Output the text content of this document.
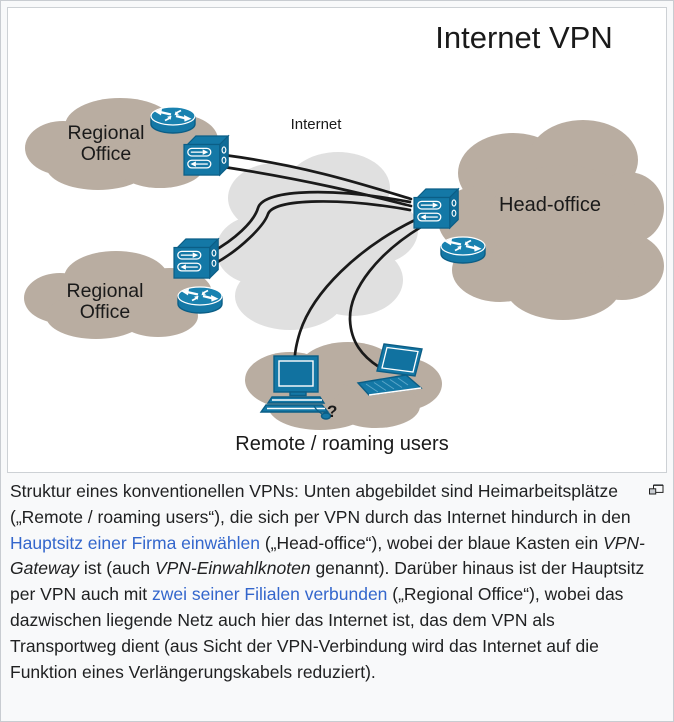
?
Internet VPN
Regional
Office
Regional
Office
Internet
Head-office
Remote / roaming users
Struktur eines konventionellen VPNs: Unten abgebildet sind Heimarbeitsplätze („Remote / roaming users“), die sich per VPN durch das Internet hindurch in den Hauptsitz einer Firma einwählen („Head-office“), wobei der blaue Kasten ein VPN-Gateway ist (auch VPN-Einwahlknoten genannt). Darüber hinaus ist der Hauptsitz per VPN auch mit zwei seiner Filialen verbunden („Regional Office“), wobei das dazwischen liegende Netz auch hier das Internet ist, das dem VPN als Transportweg dient (aus Sicht der VPN-Verbindung wird das Internet auf die Funktion eines Verlängerungskabels reduziert).
